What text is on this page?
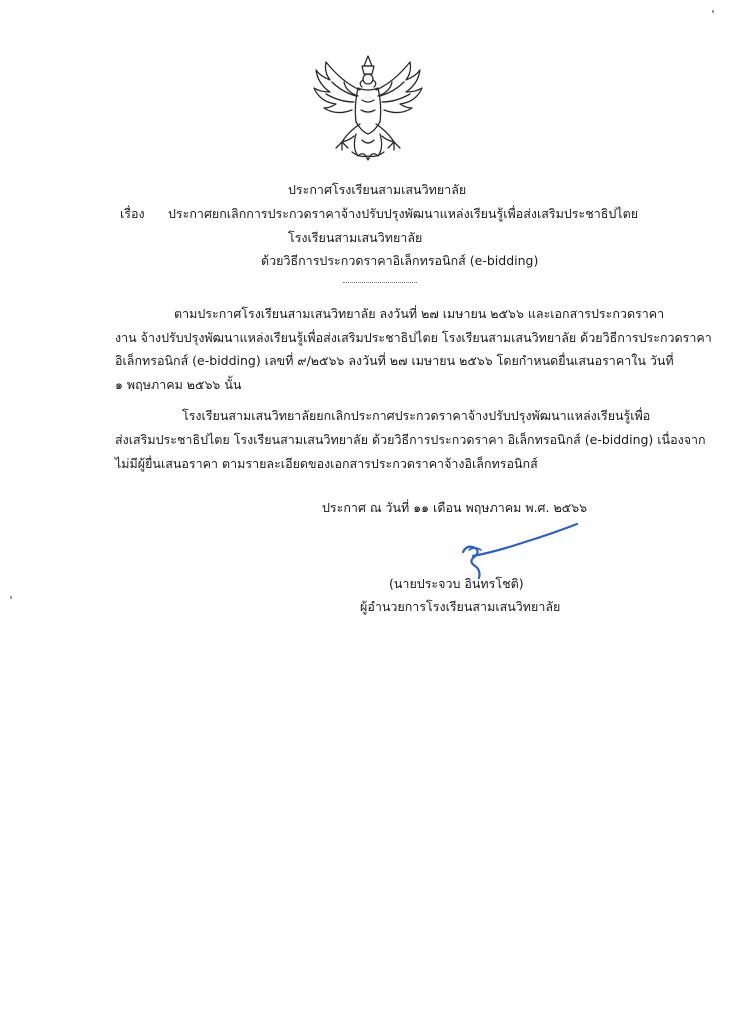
ประกาศโรงเรียนสามเสนวิทยาลัย
เรื่อง ประกาศยกเลิกการประกวดราคาจ้างปรับปรุงพัฒนาแหล่งเรียนรู้เพื่อส่งเสริมประชาธิปไตย
โรงเรียนสามเสนวิทยาลัย
ด้วยวิธีการประกวดราคาอิเล็กทรอนิกส์ (e-bidding)
ตามประกาศโรงเรียนสามเสนวิทยาลัย ลงวันที่ ๒๗ เมษายน ๒๕๖๖ และเอกสารประกวดราคา
งาน จ้างปรับปรุงพัฒนาแหล่งเรียนรู้เพื่อส่งเสริมประชาธิปไตย โรงเรียนสามเสนวิทยาลัย ด้วยวิธีการประกวดราคา
อิเล็กทรอนิกส์ (e-bidding) เลขที่ ๙/๒๕๖๖ ลงวันที่ ๒๗ เมษายน ๒๕๖๖ โดยกำหนดยื่นเสนอราคาใน วันที่
๑ พฤษภาคม ๒๕๖๖ นั้น
โรงเรียนสามเสนวิทยาลัยยกเลิกประกาศประกวดราคาจ้างปรับปรุงพัฒนาแหล่งเรียนรู้เพื่อ
ส่งเสริมประชาธิปไตย โรงเรียนสามเสนวิทยาลัย ด้วยวิธีการประกวดราคา อิเล็กทรอนิกส์ (e-bidding) เนื่องจาก
ไม่มีผู้ยื่นเสนอราคา ตามรายละเอียดของเอกสารประกวดราคาจ้างอิเล็กทรอนิกส์
ประกาศ ณ วันที่ ๑๑ เดือน พฤษภาคม พ.ศ. ๒๕๖๖
(นายประจวบ อินทรโชติ)
ผู้อำนวยการโรงเรียนสามเสนวิทยาลัย
